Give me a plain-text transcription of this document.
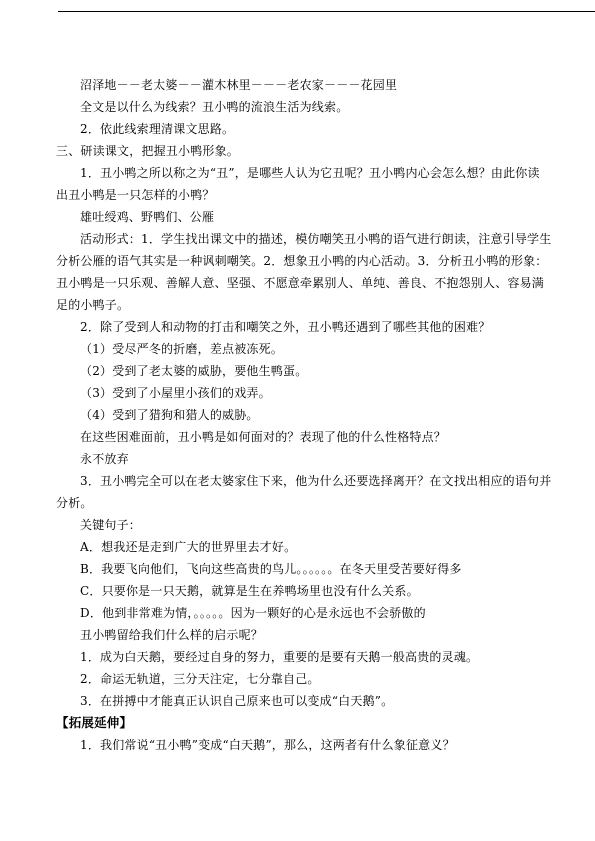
沼泽地－－老太婆－－灌木林里－－－老农家－－－花园里
全文是以什么为线索？丑小鸭的流浪生活为线索。
2．依此线索理清课文思路。
三、研读课文，把握丑小鸭形象。
1．丑小鸭之所以称之为“丑”，是哪些人认为它丑呢？丑小鸭内心会怎么想？由此你读
出丑小鸭是一只怎样的小鸭？
雄吐绶鸡、野鸭们、公雁
活动形式：1．学生找出课文中的描述，模仿嘲笑丑小鸭的语气进行朗读，注意引导学生
分析公雁的语气其实是一种讽刺嘲笑。2．想象丑小鸭的内心活动。3．分析丑小鸭的形象：
丑小鸭是一只乐观、善解人意、坚强、不愿意牵累别人、单纯、善良、不抱怨别人、容易满
足的小鸭子。
2．除了受到人和动物的打击和嘲笑之外，丑小鸭还遇到了哪些其他的困难？
（1）受尽严冬的折磨，差点被冻死。
（2）受到了老太婆的威胁，要他生鸭蛋。
（3）受到了小屋里小孩们的戏弄。
（4）受到了猎狗和猎人的威胁。
在这些困难面前，丑小鸭是如何面对的？表现了他的什么性格特点？
永不放弃
3．丑小鸭完全可以在老太婆家住下来，他为什么还要选择离开？在文找出相应的语句并
分析。
关键句子：
A．想我还是走到广大的世界里去才好。
B．我要飞向他们，飞向这些高贵的鸟儿。。。。。。在冬天里受苦要好得多
C．只要你是一只天鹅，就算是生在养鸭场里也没有什么关系。
D．他到非常难为情，。。。。。因为一颗好的心是永远也不会骄傲的
丑小鸭留给我们什么样的启示呢？
1．成为白天鹅，要经过自身的努力，重要的是要有天鹅一般高贵的灵魂。
2．命运无轨道，三分天注定，七分靠自己。
3．在拼搏中才能真正认识自己原来也可以变成“白天鹅”。
【拓展延伸】
1．我们常说“丑小鸭”变成“白天鹅”，那么，这两者有什么象征意义？
